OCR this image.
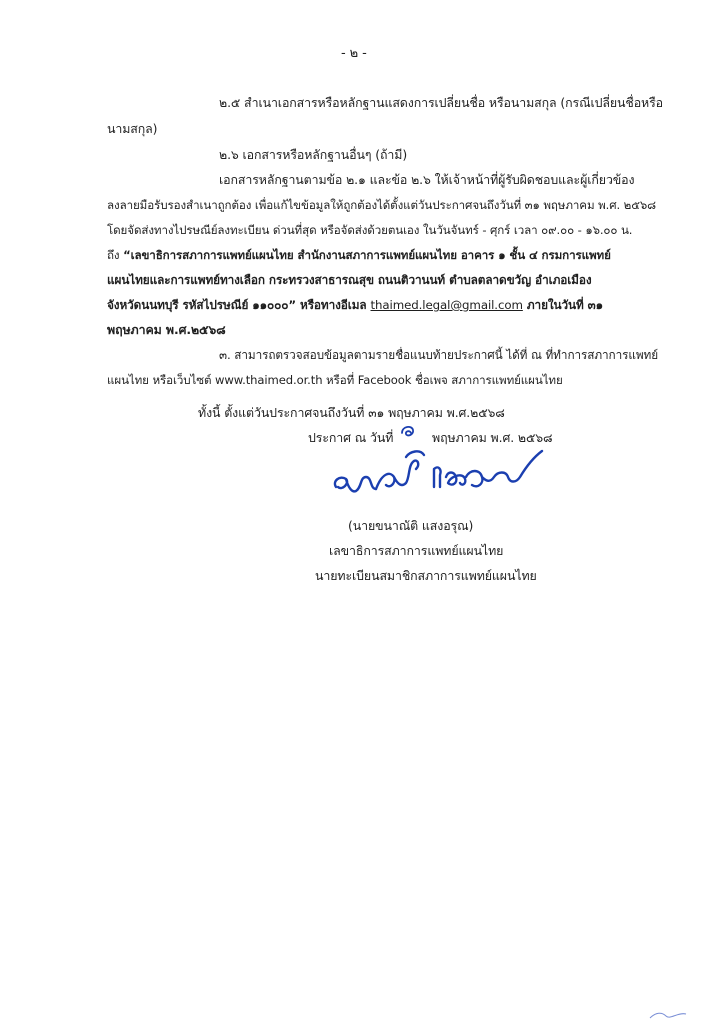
- ๒ -
๒.๕ สำเนาเอกสารหรือหลักฐานแสดงการเปลี่ยนชื่อ หรือนามสกุล (กรณีเปลี่ยนชื่อหรือ
นามสกุล)
๒.๖ เอกสารหรือหลักฐานอื่นๆ (ถ้ามี)
เอกสารหลักฐานตามข้อ ๒.๑ และข้อ ๒.๖ ให้เจ้าหน้าที่ผู้รับผิดชอบและผู้เกี่ยวข้อง
ลงลายมือรับรองสำเนาถูกต้อง เพื่อแก้ไขข้อมูลให้ถูกต้องได้ตั้งแต่วันประกาศจนถึงวันที่ ๓๑ พฤษภาคม พ.ศ. ๒๕๖๘
โดยจัดส่งทางไปรษณีย์ลงทะเบียน ด่วนที่สุด หรือจัดส่งด้วยตนเอง ในวันจันทร์ - ศุกร์ เวลา ๐๙.๐๐ - ๑๖.๐๐ น.
ถึง “เลขาธิการสภาการแพทย์แผนไทย สำนักงานสภาการแพทย์แผนไทย อาคาร ๑ ชั้น ๔ กรมการแพทย์
แผนไทยและการแพทย์ทางเลือก กระทรวงสาธารณสุข ถนนติวานนท์ ตำบลตลาดขวัญ อำเภอเมือง
จังหวัดนนทบุรี รหัสไปรษณีย์ ๑๑๐๐๐” หรือทางอีเมล thaimed.legal@gmail.com ภายในวันที่ ๓๑
พฤษภาคม พ.ศ.๒๕๖๘
๓. สามารถตรวจสอบข้อมูลตามรายชื่อแนบท้ายประกาศนี้ ได้ที่ ณ ที่ทำการสภาการแพทย์
แผนไทย หรือเว็บไซต์ www.thaimed.or.th หรือที่ Facebook ชื่อเพจ สภาการแพทย์แผนไทย
ทั้งนี้ ตั้งแต่วันประกาศจนถึงวันที่ ๓๑ พฤษภาคม พ.ศ.๒๕๖๘
ประกาศ ณ วันที่
๖
พฤษภาคม พ.ศ. ๒๕๖๘
(นายขนาณัติ แสงอรุณ)
เลขาธิการสภาการแพทย์แผนไทย
นายทะเบียนสมาชิกสภาการแพทย์แผนไทย
